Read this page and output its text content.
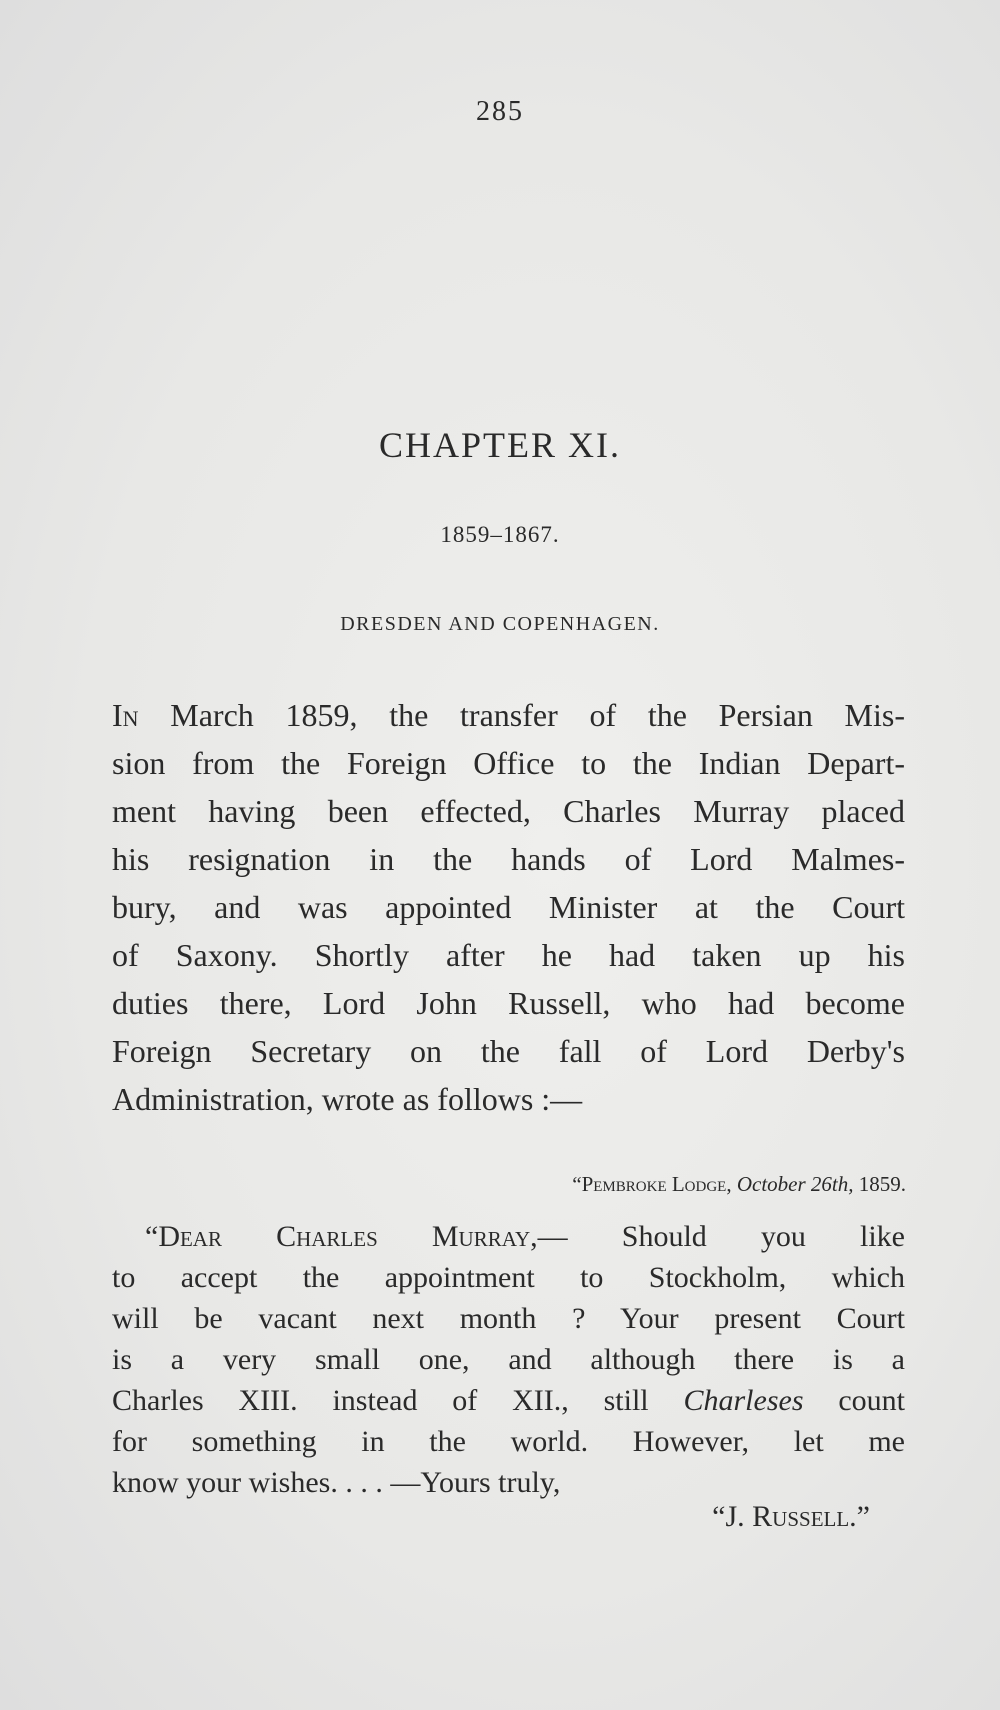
285
CHAPTER XI.
1859–1867.
DRESDEN AND COPENHAGEN.
In March 1859, the transfer of the Persian Mis-
sion from the Foreign Office to the Indian Depart-
ment having been effected, Charles Murray placed
his resignation in the hands of Lord Malmes-
bury, and was appointed Minister at the Court
of Saxony. Shortly after he had taken up his
duties there, Lord John Russell, who had become
Foreign Secretary on the fall of Lord Derby's
Administration, wrote as follows :—
“Pembroke Lodge, October 26th, 1859.
“Dear Charles Murray,— Should you like
to accept the appointment to Stockholm, which
will be vacant next month ? Your present Court
is a very small one, and although there is a
Charles XIII. instead of XII., still Charleses count
for something in the world. However, let me
know your wishes. . . . —Yours truly,
“J. Russell.”
